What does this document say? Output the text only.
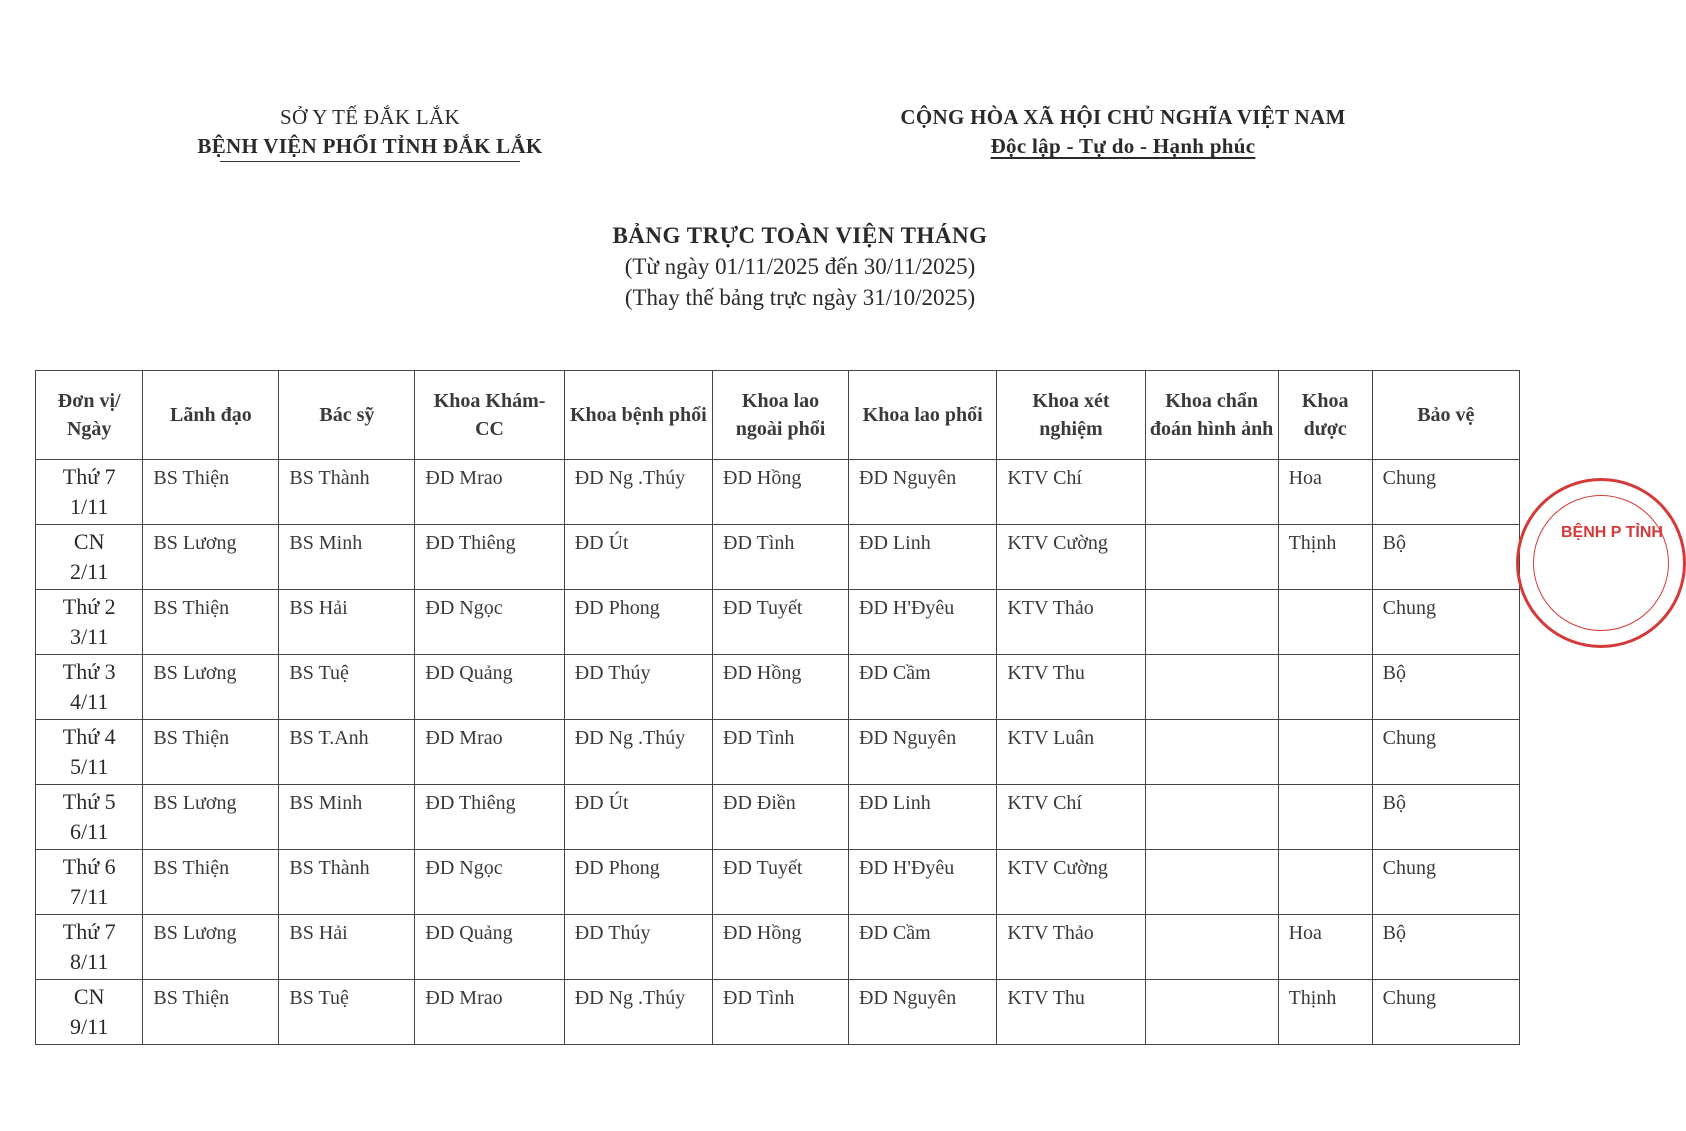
SỞ Y TẾ ĐẮK LẮK
BỆNH VIỆN PHỔI TỈNH ĐẮK LẮK
CỘNG HÒA XÃ HỘI CHỦ NGHĨA VIỆT NAM
Độc lập - Tự do - Hạnh phúc
BẢNG TRỰC TOÀN VIỆN THÁNG
(Từ ngày 01/11/2025 đến 30/11/2025)
(Thay thế bảng trực ngày 31/10/2025)
Đơn vị/ Ngày	Lãnh đạo	Bác sỹ	Khoa Khám-CC	Khoa bệnh phổi	Khoa lao ngoài phổi	Khoa lao phổi	Khoa xét nghiệm	Khoa chẩn đoán hình ảnh	Khoa dược	Bảo vệ

Thứ 7
1/11	BS Thiện	BS Thành	ĐD Mrao	ĐD Ng .Thúy	ĐD Hồng	ĐD Nguyên	KTV Chí		Hoa	Chung

CN
2/11	BS Lương	BS Minh	ĐD Thiêng	ĐD Út	ĐD Tình	ĐD Linh	KTV Cường		Thịnh	Bộ

Thứ 2
3/11	BS Thiện	BS Hải	ĐD Ngọc	ĐD Phong	ĐD Tuyết	ĐD H'Đyêu	KTV Thảo			Chung

Thứ 3
4/11	BS Lương	BS Tuệ	ĐD Quảng	ĐD Thúy	ĐD Hồng	ĐD Cầm	KTV Thu			Bộ

Thứ 4
5/11	BS Thiện	BS T.Anh	ĐD Mrao	ĐD Ng .Thúy	ĐD Tình	ĐD Nguyên	KTV Luân			Chung

Thứ 5
6/11	BS Lương	BS Minh	ĐD Thiêng	ĐD Út	ĐD Điền	ĐD Linh	KTV Chí			Bộ

Thứ 6
7/11	BS Thiện	BS Thành	ĐD Ngọc	ĐD Phong	ĐD Tuyết	ĐD H'Đyêu	KTV Cường			Chung

Thứ 7
8/11	BS Lương	BS Hải	ĐD Quảng	ĐD Thúy	ĐD Hồng	ĐD Cầm	KTV Thảo		Hoa	Bộ

CN
9/11	BS Thiện	BS Tuệ	ĐD Mrao	ĐD Ng .Thúy	ĐD Tình	ĐD Nguyên	KTV Thu		Thịnh	Chung
BỆNH P TỈNH
